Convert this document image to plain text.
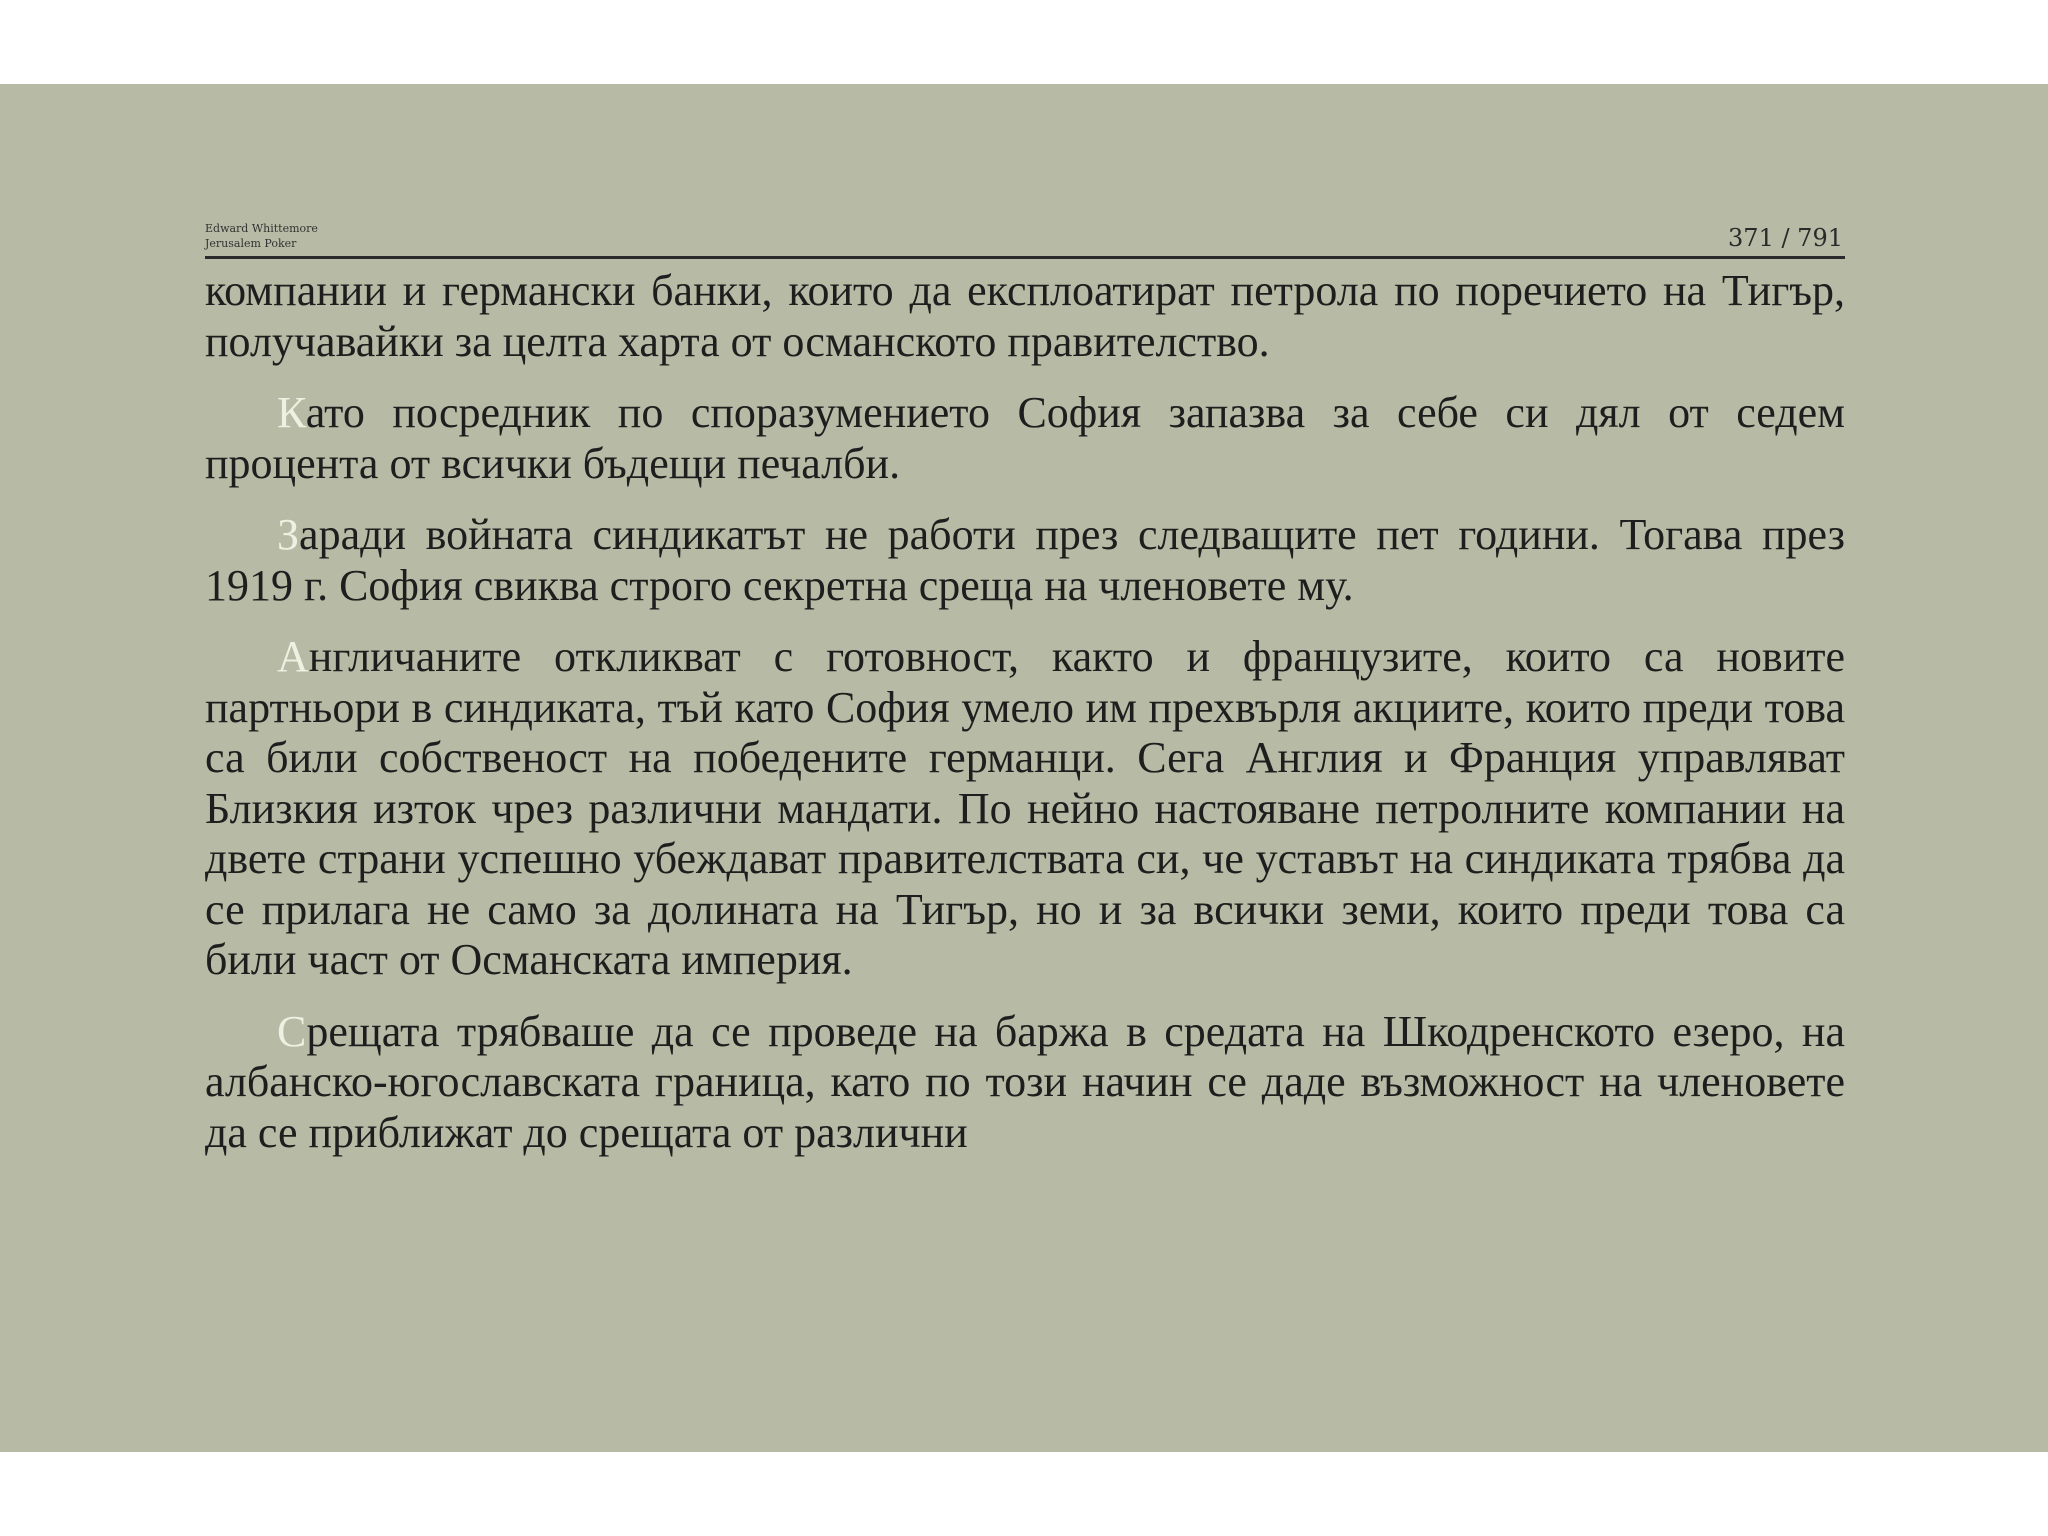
Edward Whittemore
Jerusalem Poker	371 / 791

компании и германски банки, които да експлоатират петрола по поречието на Тигър, получавайки за целта харта от османското правителство.

Като посредник по споразумението София запазва за себе си дял от седем процента от всички бъдещи печалби.

Заради войната синдикатът не работи през следващите пет години. Тогава през 1919 г. София свиква строго секретна среща на членовете му.

Англичаните откликват с готовност, както и французите, които са новите партньори в синдиката, тъй като София умело им прехвърля акциите, които преди това са били собственост на победените германци. Сега Англия и Франция управляват Близкия изток чрез различни мандати. По нейно настояване петролните компании на двете страни успешно убеждават правителствата си, че уставът на синдиката трябва да се прилага не само за долината на Тигър, но и за всички земи, които преди това са били част от Османската империя.

Срещата трябваше да се проведе на баржа в средата на Шкодренското езеро, на албанско-югославската граница, като по този начин се даде възможност на членовете да се приближат до срещата от различни
